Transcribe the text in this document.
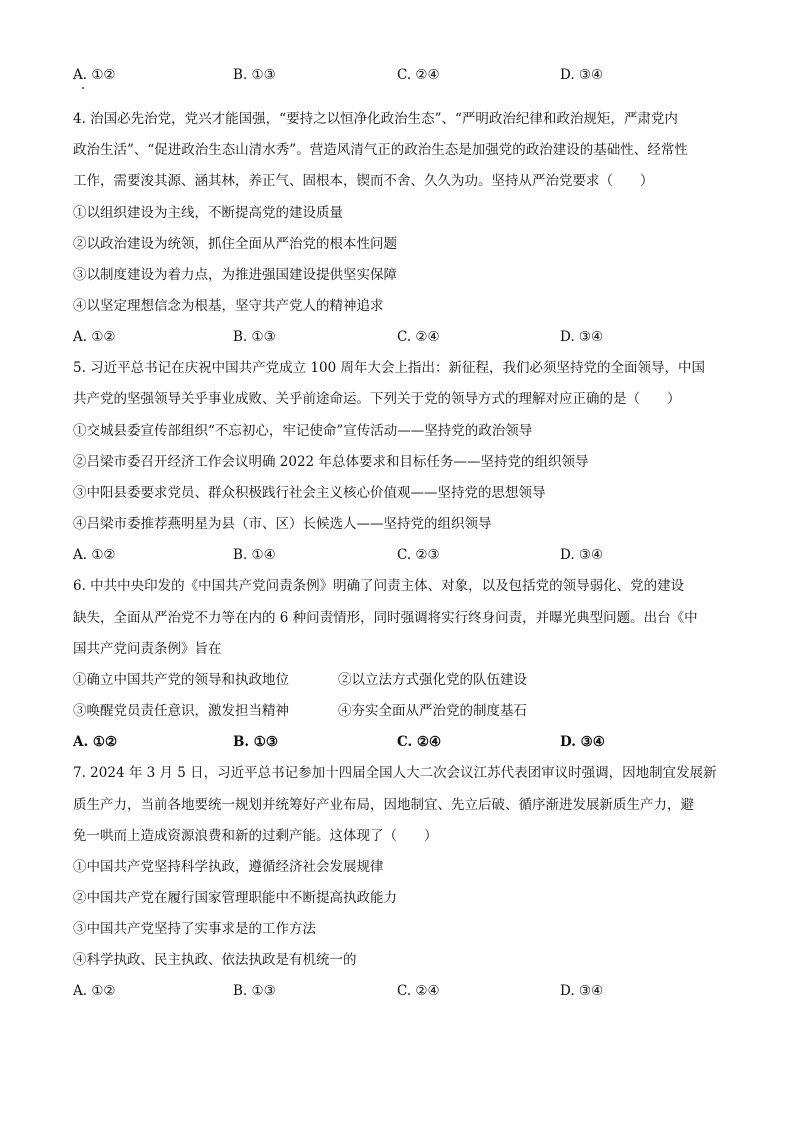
A. ①②	B. ①③	C. ②④	D. ③④
4. 治国必先治党，党兴才能国强，“要持之以恒净化政治生态”、“严明政治纪律和政治规矩，严肃党内
政治生活”、“促进政治生态山清水秀”。营造风清气正的政治生态是加强党的政治建设的基础性、经常性
工作，需要浚其源、涵其林，养正气、固根本，锲而不舍、久久为功。坚持从严治党要求（　　）
①以组织建设为主线，不断提高党的建设质量
②以政治建设为统领，抓住全面从严治党的根本性问题
③以制度建设为着力点，为推进强国建设提供坚实保障
④以坚定理想信念为根基，坚守共产党人的精神追求
A. ①②	B. ①③	C. ②④	D. ③④
5. 习近平总书记在庆祝中国共产党成立 100 周年大会上指出：新征程，我们必须坚持党的全面领导，中国
共产党的坚强领导关乎事业成败、关乎前途命运。下列关于党的领导方式的理解对应正确的是（　　）
①交城县委宣传部组织“不忘初心，牢记使命”宣传活动——坚持党的政治领导
②吕梁市委召开经济工作会议明确 2022 年总体要求和目标任务——坚持党的组织领导
③中阳县委要求党员、群众积极践行社会主义核心价值观——坚持党的思想领导
④吕梁市委推荐燕明星为县（市、区）长候选人——坚持党的组织领导
A. ①②	B. ①④	C. ②③	D. ③④
6. 中共中央印发的《中国共产党问责条例》明确了问责主体、对象，以及包括党的领导弱化、党的建设
缺失，全面从严治党不力等在内的 6 种问责情形，同时强调将实行终身问责，并曝光典型问题。出台《中
国共产党问责条例》旨在
①确立中国共产党的领导和执政地位	②以立法方式强化党的队伍建设
③唤醒党员责任意识，激发担当精神	④夯实全面从严治党的制度基石
A. ①②	B. ①③	C. ②④	D. ③④
7. 2024 年 3 月 5 日，习近平总书记参加十四届全国人大二次会议江苏代表团审议时强调，因地制宜发展新
质生产力，当前各地要统一规划并统筹好产业布局，因地制宜、先立后破、循序渐进发展新质生产力，避
免一哄而上造成资源浪费和新的过剩产能。这体现了（　　）
①中国共产党坚持科学执政，遵循经济社会发展规律
②中国共产党在履行国家管理职能中不断提高执政能力
③中国共产党坚持了实事求是的工作方法
④科学执政、民主执政、依法执政是有机统一的
A. ①②	B. ①③	C. ②④	D. ③④
